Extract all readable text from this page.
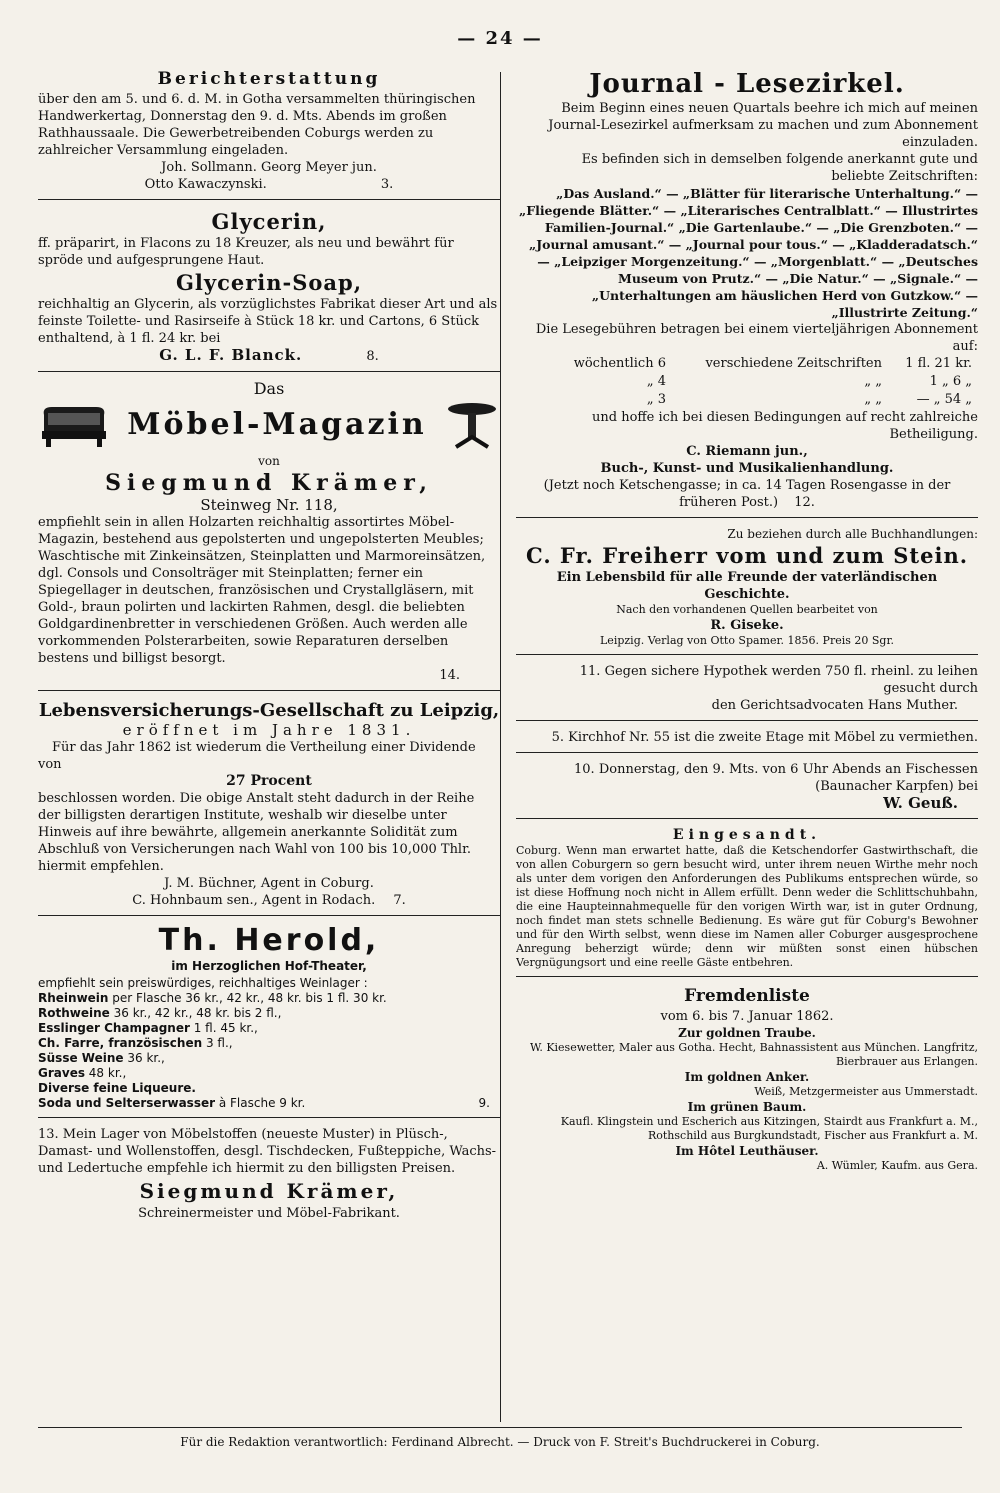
— 24 —
Berichterstattung

über den am 5. und 6. d. M. in Gotha versammelten thüringischen Handwerkertag, Donnerstag den 9. d. Mts. Abends im großen Rathhaussaale. Die Gewerbetreibenden Coburgs werden zu zahlreicher Versammlung eingeladen.

Joh. Sollmann. Georg Meyer jun.

Otto Kawaczynski.	3.

Glycerin,

ff. präparirt, in Flacons zu 18 Kreuzer, als neu und bewährt für spröde und aufgesprungene Haut.

Glycerin-Soap,

reichhaltig an Glycerin, als vorzüglichstes Fabrikat dieser Art und als feinste Toilette- und Rasirseife à Stück 18 kr. und Cartons, 6 Stück enthaltend, à 1 fl. 24 kr. bei

G. L. F. Blanck.	8.

Das
Möbel-Magazin
von
Siegmund Krämer,
Steinweg Nr. 118,

empfiehlt sein in allen Holzarten reichhaltig assortirtes Möbel-Magazin, bestehend aus gepolsterten und ungepolsterten Meubles; Waschtische mit Zinkeinsätzen, Steinplatten und Marmoreinsätzen, dgl. Consols und Consolträger mit Steinplatten; ferner ein Spiegellager in deutschen, französischen und Crystallgläsern, mit Gold-, braun polirten und lackirten Rahmen, desgl. die beliebten Goldgardinenbretter in verschiedenen Größen. Auch werden alle vorkommenden Polsterarbeiten, sowie Reparaturen derselben bestens und billigst besorgt.

14.

Lebensversicherungs-Gesellschaft zu Leipzig,
eröffnet im Jahre 1831.

Für das Jahr 1862 ist wiederum die Vertheilung einer Dividende von

27 Procent

beschlossen worden. Die obige Anstalt steht dadurch in der Reihe der billigsten derartigen Institute, weshalb wir dieselbe unter Hinweis auf ihre bewährte, allgemein anerkannte Solidität zum Abschluß von Versicherungen nach Wahl von 100 bis 10,000 Thlr. hiermit empfehlen.

J. M. Büchner, Agent in Coburg.

C. Hohnbaum sen., Agent in Rodach. 7.

Th. Herold,
im Herzoglichen Hof-Theater,

empfiehlt sein preiswürdiges, reichhaltiges Weinlager :

Rheinwein per Flasche 36 kr., 42 kr., 48 kr. bis 1 fl. 30 kr.
Rothweine 36 kr., 42 kr., 48 kr. bis 2 fl.,
Esslinger Champagner 1 fl. 45 kr.,
Ch. Farre, französischen 3 fl.,
Süsse Weine 36 kr.,
Graves 48 kr.,
Diverse feine Liqueure.
Soda und Selterserwasser à Flasche 9 kr.	9.

13. Mein Lager von Möbelstoffen (neueste Muster) in Plüsch-, Damast- und Wollenstoffen, desgl. Tischdecken, Fußteppiche, Wachs- und Ledertuche empfehle ich hiermit zu den billigsten Preisen.

Siegmund Krämer,

Schreinermeister und Möbel-Fabrikant.

Journal - Lesezirkel.

Beim Beginn eines neuen Quartals beehre ich mich auf meinen Journal-Lesezirkel aufmerksam zu machen und zum Abonnement einzuladen.

Es befinden sich in demselben folgende anerkannt gute und beliebte Zeitschriften:

„Das Ausland.“ — „Blätter für literarische Unterhaltung.“ — „Fliegende Blätter.“ — „Literarisches Centralblatt.“ — Illustrirtes Familien-Journal.“ „Die Gartenlaube.“ — „Die Grenzboten.“ — „Journal amusant.“ — „Journal pour tous.“ — „Kladderadatsch.“ — „Leipziger Morgenzeitung.“ — „Morgenblatt.“ — „Deutsches Museum von Prutz.“ — „Die Natur.“ — „Signale.“ — „Unterhaltungen am häuslichen Herd von Gutzkow.“ — „Illustrirte Zeitung.“

Die Lesegebühren betragen bei einem vierteljährigen Abonnement auf:

wöchentlich 6	verschiedene Zeitschriften	1 fl. 21 kr.
„ 4	„ „	1 „ 6 „
„ 3	„ „	— „ 54 „

und hoffe ich bei diesen Bedingungen auf recht zahlreiche Betheiligung.

C. Riemann jun.,

Buch-, Kunst- und Musikalienhandlung.

(Jetzt noch Ketschengasse; in ca. 14 Tagen Rosengasse in der früheren Post.) 12.

Zu beziehen durch alle Buchhandlungen:

C. Fr. Freiherr vom und zum Stein.

Ein Lebensbild für alle Freunde der vaterländischen Geschichte.

Nach den vorhandenen Quellen bearbeitet von

R. Giseke.

Leipzig. Verlag von Otto Spamer. 1856. Preis 20 Sgr.

11. Gegen sichere Hypothek werden 750 fl. rheinl. zu leihen gesucht durch

den Gerichtsadvocaten Hans Muther.

5. Kirchhof Nr. 55 ist die zweite Etage mit Möbel zu vermiethen.

10. Donnerstag, den 9. Mts. von 6 Uhr Abends an Fischessen (Baunacher Karpfen) bei

W. Geuß.

Eingesandt.

Coburg. Wenn man erwartet hatte, daß die Ketschendorfer Gastwirthschaft, die von allen Coburgern so gern besucht wird, unter ihrem neuen Wirthe mehr noch als unter dem vorigen den Anforderungen des Publikums entsprechen würde, so ist diese Hoffnung noch nicht in Allem erfüllt. Denn weder die Schlittschuhbahn, die eine Haupteinnahmequelle für den vorigen Wirth war, ist in guter Ordnung, noch findet man stets schnelle Bedienung. Es wäre gut für Coburg's Bewohner und für den Wirth selbst, wenn diese im Namen aller Coburger ausgesprochene Anregung beherzigt würde; denn wir müßten sonst einen hübschen Vergnügungsort und eine reelle Gäste entbehren.

Fremdenliste

vom 6. bis 7. Januar 1862.

Zur goldnen Traube.

W. Kiesewetter, Maler aus Gotha. Hecht, Bahnassistent aus München. Langfritz, Bierbrauer aus Erlangen.

Im goldnen Anker.

Weiß, Metzgermeister aus Ummerstadt.

Im grünen Baum.

Kaufl. Klingstein und Escherich aus Kitzingen, Stairdt aus Frankfurt a. M., Rothschild aus Burgkundstadt, Fischer aus Frankfurt a. M.

Im Hôtel Leuthäuser.

A. Wümler, Kaufm. aus Gera.

Für die Redaktion verantwortlich: Ferdinand Albrecht. — Druck von F. Streit's Buchdruckerei in Coburg.
